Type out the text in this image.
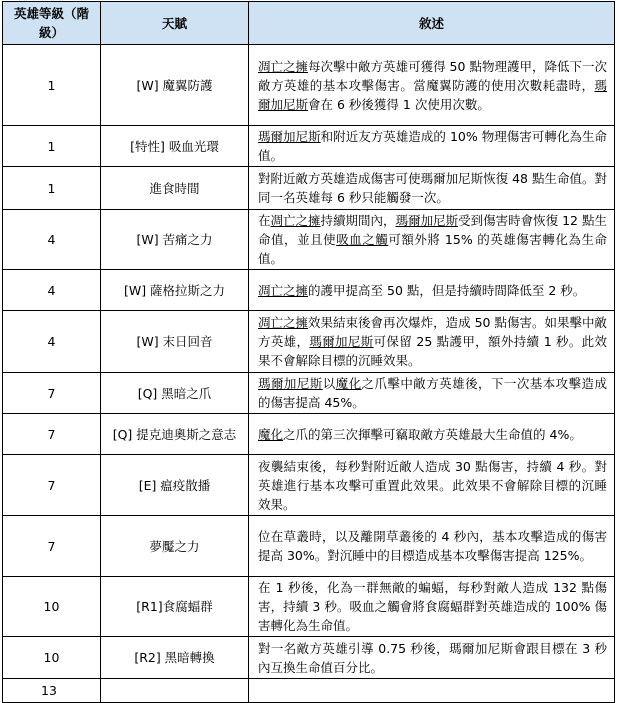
英雄等級（階級）	天賦	敘述
1	[W] 魔翼防護	凋亡之擁每次擊中敵方英雄可獲得 50 點物理護甲，降低下一次敵方英雄的基本攻擊傷害。當魔翼防護的使用次數耗盡時，瑪爾加尼斯會在 6 秒後獲得 1 次使用次數。
1	[特性] 吸血光環	瑪爾加尼斯和附近友方英雄造成的 10% 物理傷害可轉化為生命值。
1	進食時間	對附近敵方英雄造成傷害可使瑪爾加尼斯恢復 48 點生命值。對同一名英雄每 6 秒只能觸發一次。
4	[W] 苦痛之力	在凋亡之擁持續期間內，瑪爾加尼斯受到傷害時會恢復 12 點生命值，並且使吸血之觸可額外將 15% 的英雄傷害轉化為生命值。
4	[W] 薩格拉斯之力	凋亡之擁的護甲提高至 50 點，但是持續時間降低至 2 秒。
4	[W] 末日回音	凋亡之擁效果結束後會再次爆炸，造成 50 點傷害。如果擊中敵方英雄，瑪爾加尼斯可保留 25 點護甲，額外持續 1 秒。此效果不會解除目標的沉睡效果。
7	[Q] 黑暗之爪	瑪爾加尼斯以魔化之爪擊中敵方英雄後，下一次基本攻擊造成的傷害提高 45%。
7	[Q] 提克迪奧斯之意志	魔化之爪的第三次揮擊可竊取敵方英雄最大生命值的 4%。
7	[E] 瘟疫散播	夜襲結束後，每秒對附近敵人造成 30 點傷害，持續 4 秒。對英雄進行基本攻擊可重置此效果。此效果不會解除目標的沉睡效果。
7	夢魘之力	位在草叢時，以及離開草叢後的 4 秒內，基本攻擊造成的傷害提高 30%。對沉睡中的目標造成基本攻擊傷害提高 125%。
10	[R1]食腐蝠群	在 1 秒後，化為一群無敵的蝙蝠，每秒對敵人造成 132 點傷害，持續 3 秒。吸血之觸會將食腐蝠群對英雄造成的 100% 傷害轉化為生命值。
10	[R2] 黑暗轉換	對一名敵方英雄引導 0.75 秒後，瑪爾加尼斯會跟目標在 3 秒內互換生命值百分比。
13		
